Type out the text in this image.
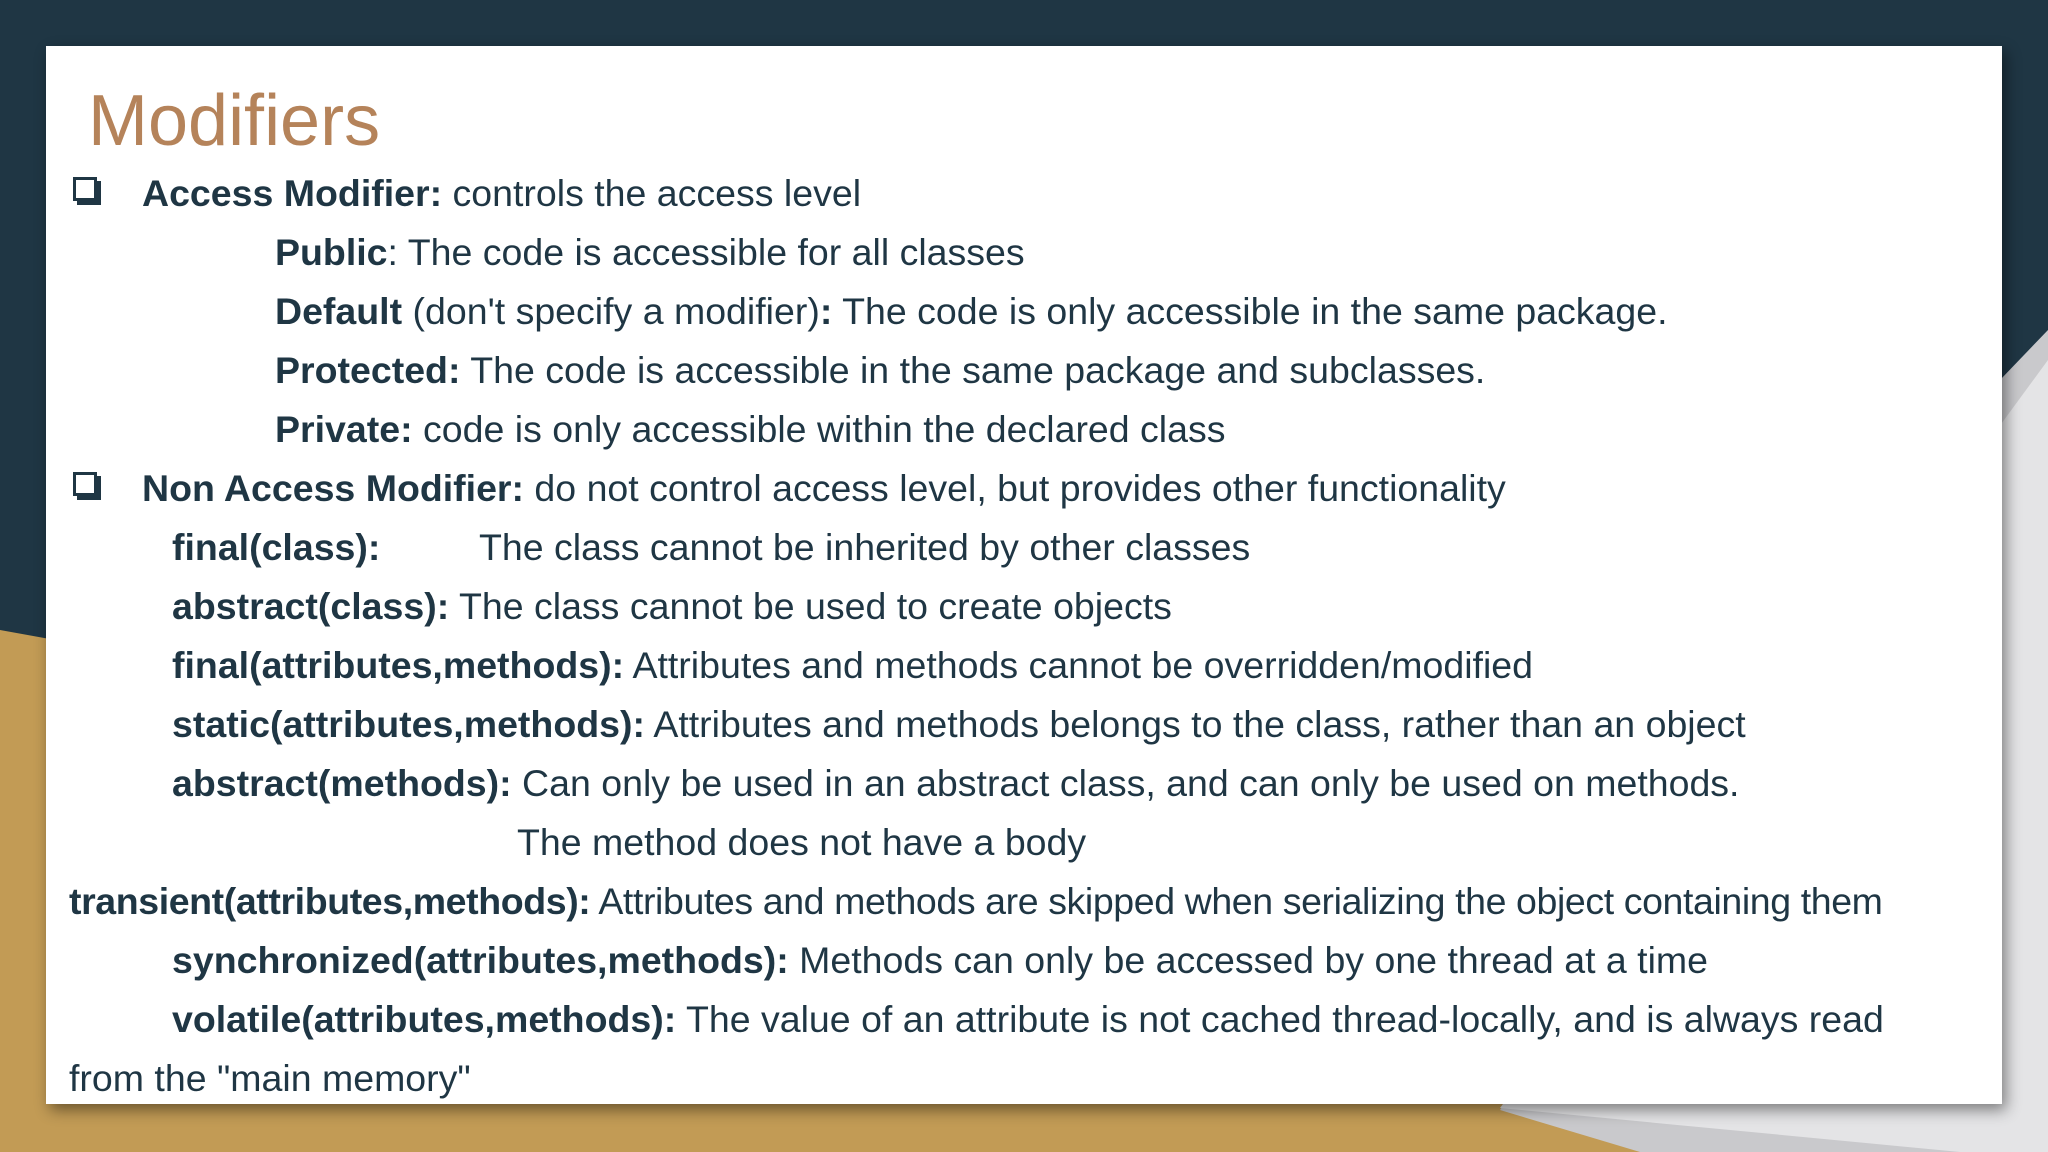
Modifiers
Access Modifier: controls the access level
Public: The code is accessible for all classes
Default (don't specify a modifier): The code is only accessible in the same package.
Protected: The code is accessible in the same package and subclasses.
Private: code is only accessible within the declared class
Non Access Modifier: do not control access level, but provides other functionality
final(class):	The class cannot be inherited by other classes
abstract(class): The class cannot be used to create objects
final(attributes,methods): Attributes and methods cannot be overridden/modified
static(attributes,methods): Attributes and methods belongs to the class, rather than an object
abstract(methods): Can only be used in an abstract class, and can only be used on methods.
The method does not have a body
transient(attributes,methods): Attributes and methods are skipped when serializing the object containing them
synchronized(attributes,methods): Methods can only be accessed by one thread at a time
volatile(attributes,methods): The value of an attribute is not cached thread-locally, and is always read
from the "main memory"
